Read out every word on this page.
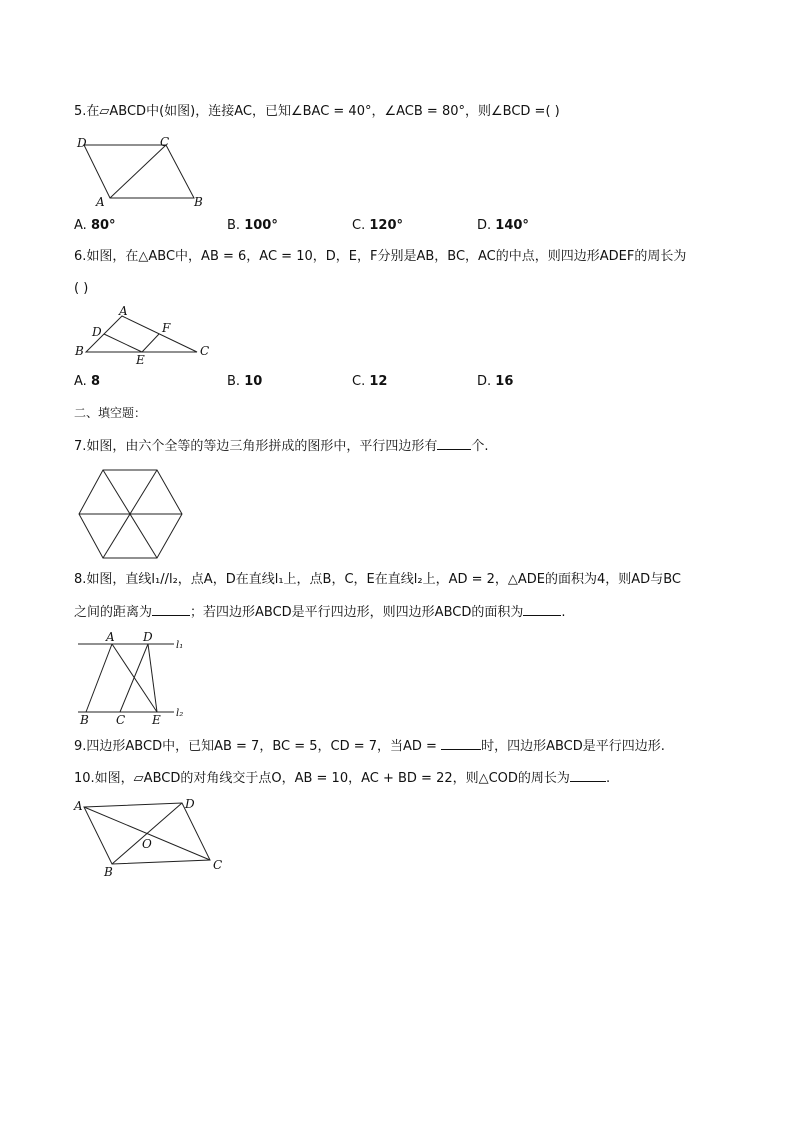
5.在▱ABCD中(如图)，连接AC，已知∠BAC = 40°，∠ACB = 80°，则∠BCD =( )
D	C
A	B
A. 80°	B. 100°	C. 120°	D. 140°
6.如图，在△ABC中，AB = 6，AC = 10，D，E，F分别是AB，BC，AC的中点，则四边形ADEF的周长为
( )
A
B	C
D
E
F
A. 8	B. 10	C. 12	D. 16
二、填空题：
7.如图，由六个全等的等边三角形拼成的图形中，平行四边形有	个.
8.如图，直线l₁//l₂，点A，D在直线l₁上，点B，C，E在直线l₂上，AD = 2，△ADE的面积为4，则AD与BC
之间的距离为	；若四边形ABCD是平行四边形，则四边形ABCD的面积为	.
A D
B C E
l₁
l₂
9.四边形ABCD中，已知AB = 7，BC = 5，CD = 7，当AD =	时，四边形ABCD是平行四边形.
10.如图，▱ABCD的对角线交于点O，AB = 10，AC + BD = 22，则△COD的周长为	.
A	D
B	C
O
